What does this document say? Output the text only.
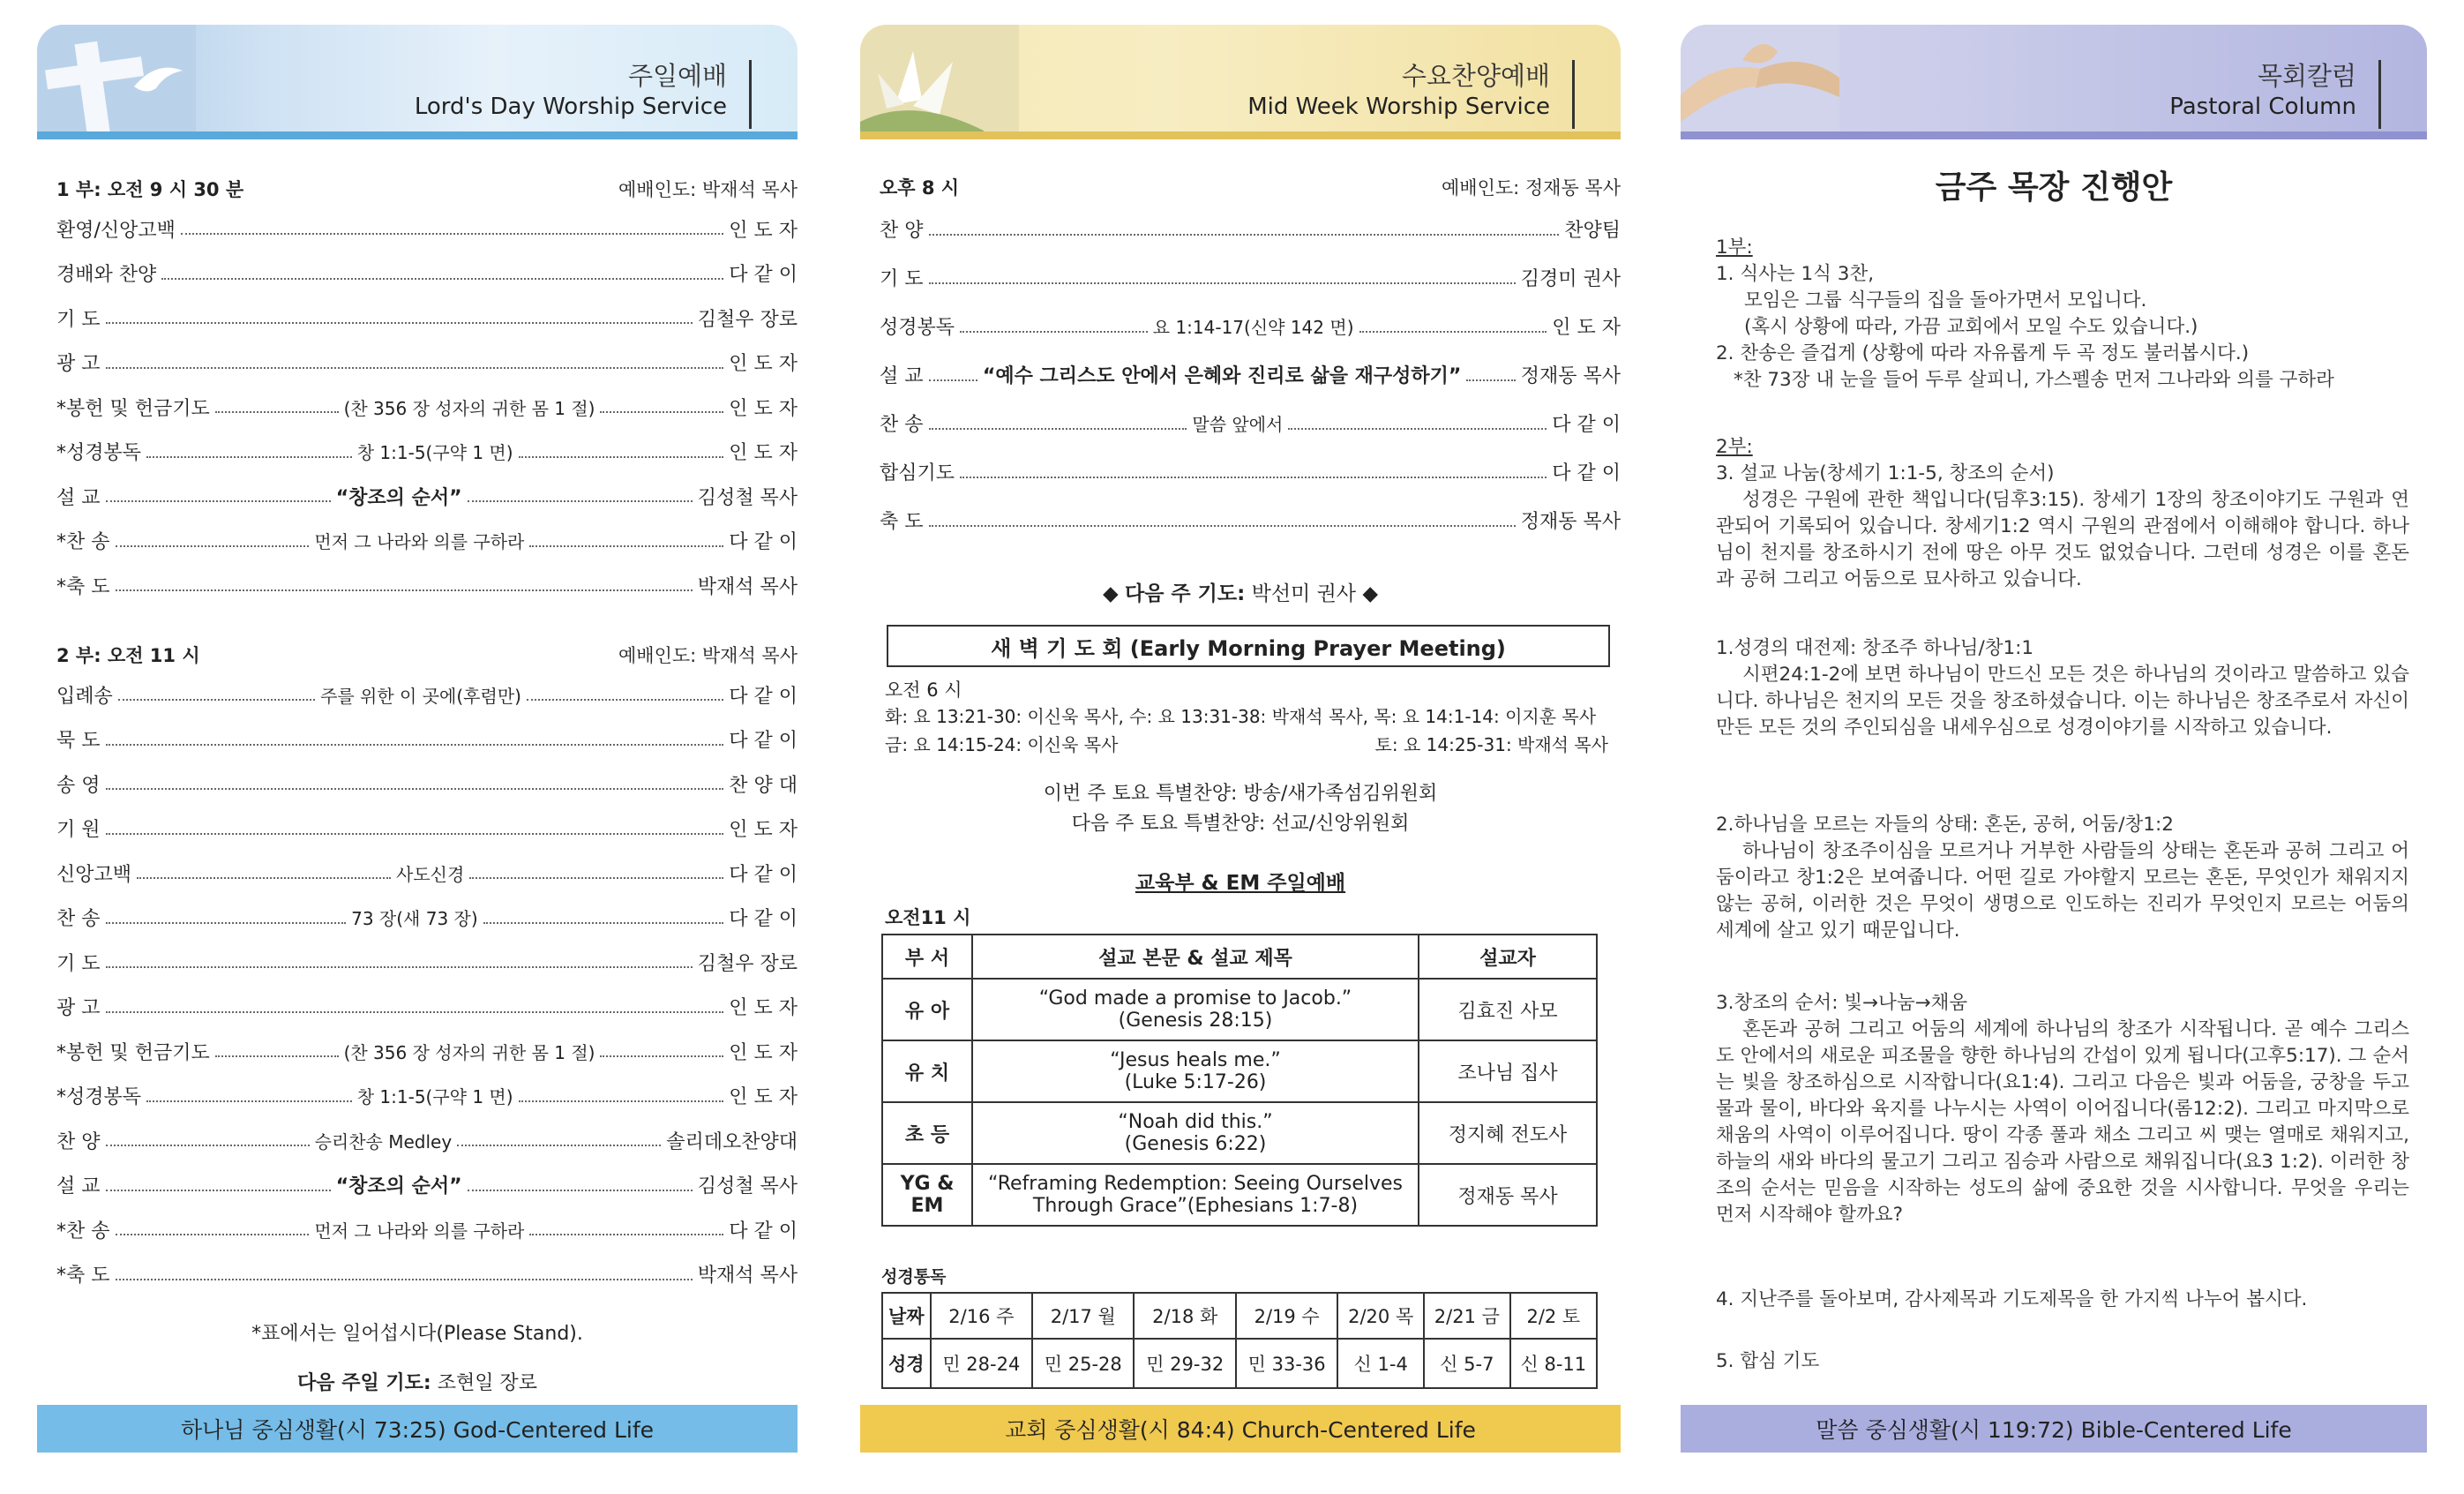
주일예배
Lord's Day Worship Service
1 부: 오전 9 시 30 분	예배인도: 박재석 목사
환영/신앙고백	인 도 자
경배와 찬양	다 같 이
기 도	김철우 장로
광 고	인 도 자
*봉헌 및 헌금기도	(찬 356 장 성자의 귀한 몸 1 절)	인 도 자
*성경봉독	창 1:1-5(구약 1 면)	인 도 자
설 교	“창조의 순서”	김성철 목사
*찬 송	먼저 그 나라와 의를 구하라	다 같 이
*축 도	박재석 목사
2 부: 오전 11 시	예배인도: 박재석 목사
입례송	주를 위한 이 곳에(후렴만)	다 같 이
묵 도	다 같 이
송 영	찬 양 대
기 원	인 도 자
신앙고백	사도신경	다 같 이
찬 송	73 장(새 73 장)	다 같 이
기 도	김철우 장로
광 고	인 도 자
*봉헌 및 헌금기도	(찬 356 장 성자의 귀한 몸 1 절)	인 도 자
*성경봉독	창 1:1-5(구약 1 면)	인 도 자
찬 양	승리찬송 Medley	솔리데오찬양대
설 교	“창조의 순서”	김성철 목사
*찬 송	먼저 그 나라와 의를 구하라	다 같 이
*축 도	박재석 목사
*표에서는 일어섭시다(Please Stand).
다음 주일 기도: 조현일 장로
하나님 중심생활(시 73:25) God-Centered Life
수요찬양예배
Mid Week Worship Service
오후 8 시	예배인도: 정재동 목사
찬 양	찬양팀
기 도	김경미 권사
성경봉독	요 1:14-17(신약 142 면)	인 도 자
설 교	“예수 그리스도 안에서 은혜와 진리로 삶을 재구성하기”	정재동 목사
찬 송	말씀 앞에서	다 같 이
합심기도	다 같 이
축 도	정재동 목사
◆ 다음 주 기도: 박선미 권사 ◆
새 벽 기 도 회 (Early Morning Prayer Meeting)
오전 6 시
화: 요 13:21-30: 이신욱 목사, 수: 요 13:31-38: 박재석 목사, 목: 요 14:1-14: 이지훈 목사
금: 요 14:15-24: 이신욱 목사	토: 요 14:25-31: 박재석 목사
이번 주 토요 특별찬양: 방송/새가족섬김위원회
다음 주 토요 특별찬양: 선교/신앙위원회
교육부 & EM 주일예배
오전11 시
부 서	설교 본문 & 설교 제목	설교자
유 아	“God made a promise to Jacob.”
(Genesis 28:15)	김효진 사모
유 치	“Jesus heals me.”
(Luke 5:17-26)	조나님 집사
초 등	“Noah did this.”
(Genesis 6:22)	정지혜 전도사
YG & EM	“Reframing Redemption: Seeing Ourselves
Through Grace”(Ephesians 1:7-8)	정재동 목사
성경통독
날짜	2/16 주	2/17 월	2/18 화	2/19 수	2/20 목	2/21 금	2/2 토
성경	민 28-24	민 25-28	민 29-32	민 33-36	신 1-4	신 5-7	신 8-11
교회 중심생활(시 84:4) Church-Centered Life
목회칼럼
Pastoral Column
금주 목장 진행안

1부:

1. 식사는 1식 3찬,

모임은 그룹 식구들의 집을 돌아가면서 모입니다.

(혹시 상황에 따라, 가끔 교회에서 모일 수도 있습니다.)

2. 찬송은 즐겁게 (상황에 따라 자유롭게 두 곡 정도 불러봅시다.)

*찬 73장 내 눈을 들어 두루 살피니, 가스펠송 먼저 그나라와 의를 구하라

2부:

3. 설교 나눔(창세기 1:1-5, 창조의 순서)

성경은 구원에 관한 책입니다(딤후3:15). 창세기 1장의 창조이야기도 구원과 연관되어 기록되어 있습니다. 창세기1:2 역시 구원의 관점에서 이해해야 합니다. 하나님이 천지를 창조하시기 전에 땅은 아무 것도 없었습니다. 그런데 성경은 이를 혼돈과 공허 그리고 어둠으로 묘사하고 있습니다.

1.성경의 대전제: 창조주 하나님/창1:1

시편24:1-2에 보면 하나님이 만드신 모든 것은 하나님의 것이라고 말씀하고 있습니다. 하나님은 천지의 모든 것을 창조하셨습니다. 이는 하나님은 창조주로서 자신이 만든 모든 것의 주인되심을 내세우심으로 성경이야기를 시작하고 있습니다.

2.하나님을 모르는 자들의 상태: 혼돈, 공허, 어둠/창1:2

하나님이 창조주이심을 모르거나 거부한 사람들의 상태는 혼돈과 공허 그리고 어둠이라고 창1:2은 보여줍니다. 어떤 길로 가야할지 모르는 혼돈, 무엇인가 채워지지 않는 공허, 이러한 것은 무엇이 생명으로 인도하는 진리가 무엇인지 모르는 어둠의 세계에 살고 있기 때문입니다.

3.창조의 순서: 빛→나눔→채움

혼돈과 공허 그리고 어둠의 세계에 하나님의 창조가 시작됩니다. 곧 예수 그리스도 안에서의 새로운 피조물을 향한 하나님의 간섭이 있게 됩니다(고후5:17). 그 순서는 빛을 창조하심으로 시작합니다(요1:4). 그리고 다음은 빛과 어둠을, 궁창을 두고 물과 물이, 바다와 육지를 나누시는 사역이 이어집니다(롬12:2). 그리고 마지막으로 채움의 사역이 이루어집니다. 땅이 각종 풀과 채소 그리고 씨 맺는 열매로 채워지고, 하늘의 새와 바다의 물고기 그리고 짐승과 사람으로 채워집니다(요3 1:2). 이러한 창조의 순서는 믿음을 시작하는 성도의 삶에 중요한 것을 시사합니다. 무엇을 우리는 먼저 시작해야 할까요?

4. 지난주를 돌아보며, 감사제목과 기도제목을 한 가지씩 나누어 봅시다.
5. 합심 기도
말씀 중심생활(시 119:72) Bible-Centered Life
